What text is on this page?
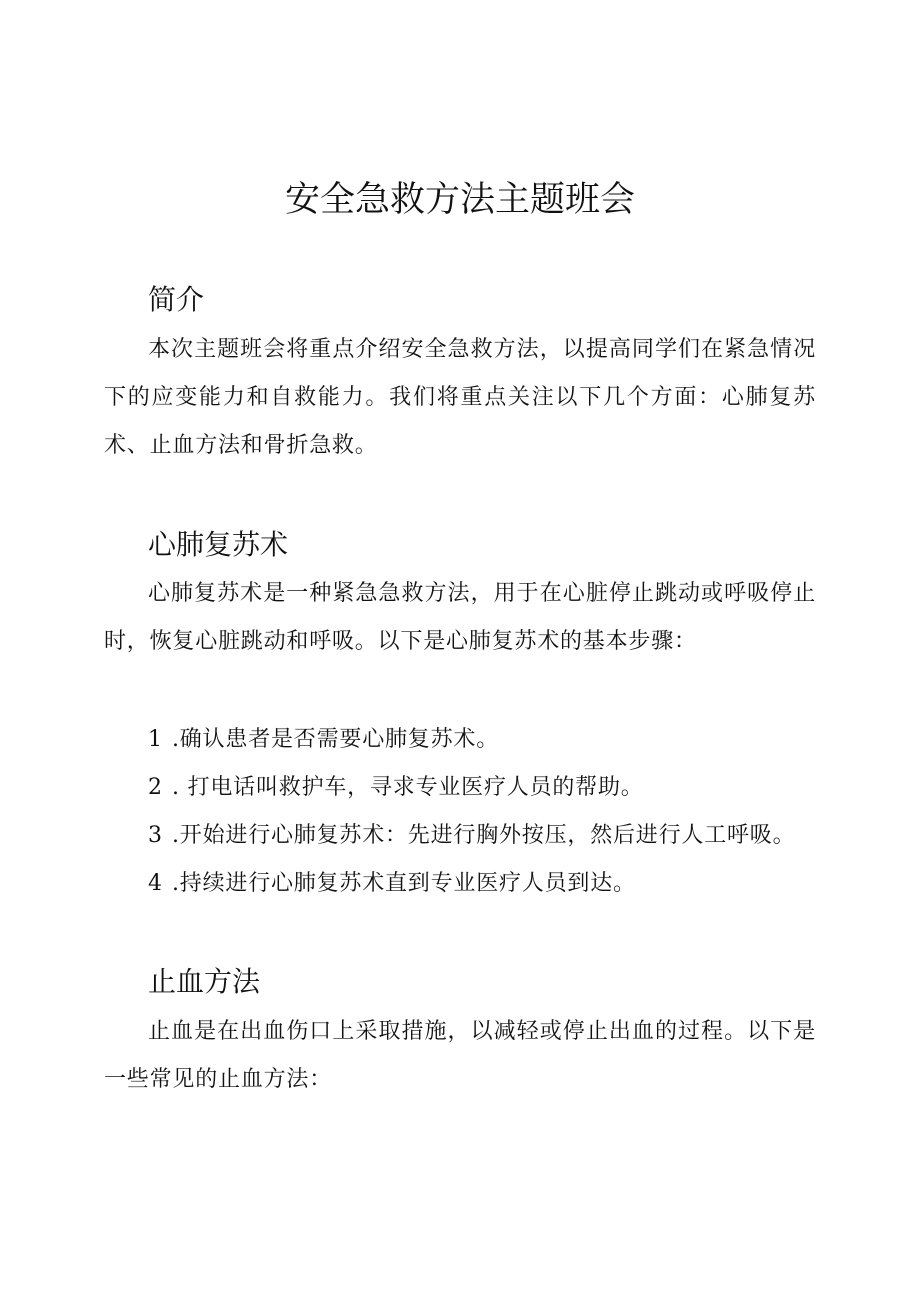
安全急救方法主题班会
简介

本次主题班会将重点介绍安全急救方法，以提高同学们在紧急情况下的应变能力和自救能力。我们将重点关注以下几个方面：心肺复苏术、止血方法和骨折急救。

心肺复苏术

心肺复苏术是一种紧急急救方法，用于在心脏停止跳动或呼吸停止时，恢复心脏跳动和呼吸。以下是心肺复苏术的基本步骤：

1 .确认患者是否需要心肺复苏术。
2 . 打电话叫救护车，寻求专业医疗人员的帮助。
3 .开始进行心肺复苏术：先进行胸外按压，然后进行人工呼吸。
4 .持续进行心肺复苏术直到专业医疗人员到达。
止血方法

止血是在出血伤口上采取措施，以减轻或停止出血的过程。以下是一些常见的止血方法：
